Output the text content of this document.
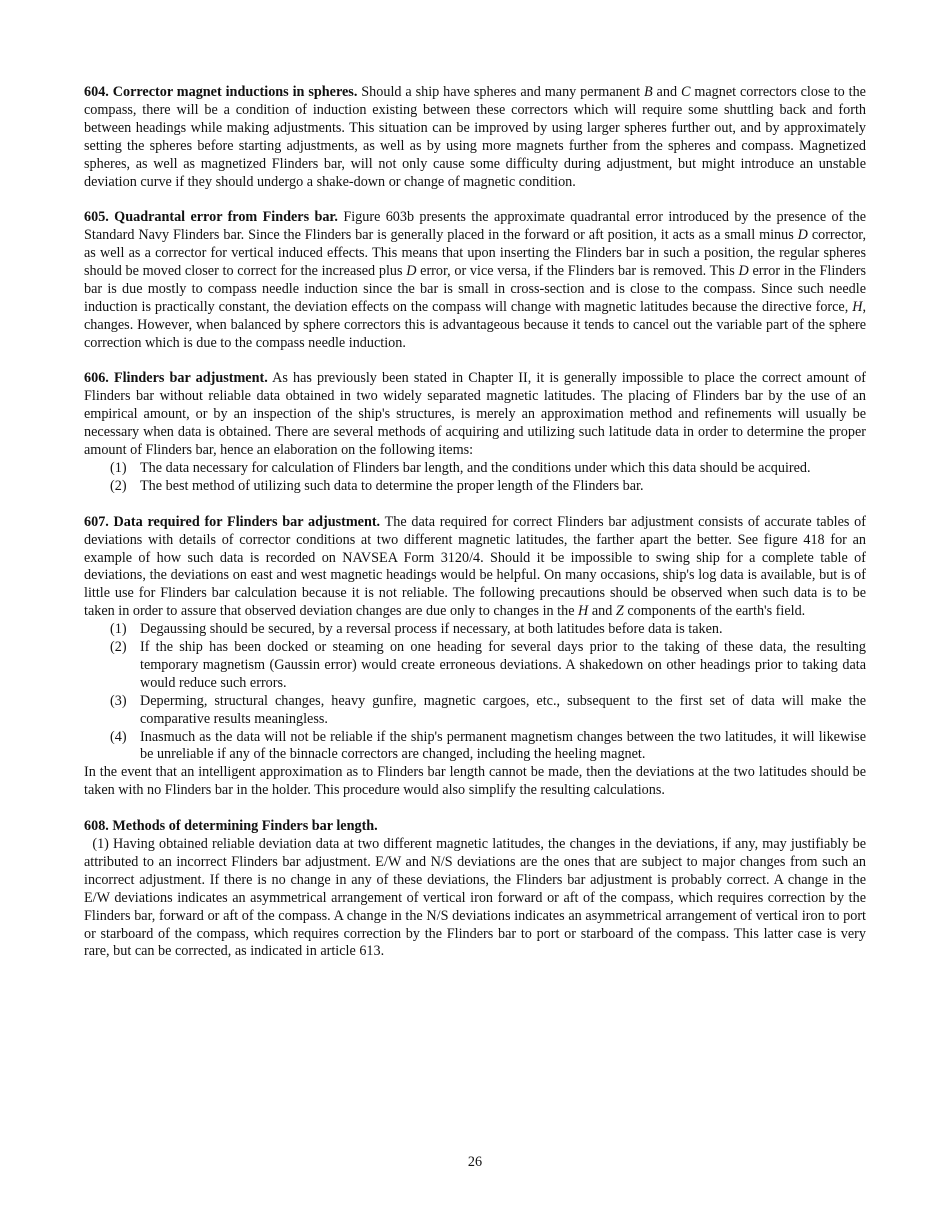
604. Corrector magnet inductions in spheres. Should a ship have spheres and many permanent B and C magnet correctors close to the compass, there will be a condition of induction existing between these correctors which will require some shuttling back and forth between headings while making adjustments. This situation can be improved by using larger spheres further out, and by approximately setting the spheres before starting adjustments, as well as by using more magnets further from the spheres and compass. Magnetized spheres, as well as magnetized Flinders bar, will not only cause some difficulty during adjustment, but might introduce an unstable deviation curve if they should undergo a shake-down or change of magnetic condition.

605. Quadrantal error from Finders bar. Figure 603b presents the approximate quadrantal error introduced by the presence of the Standard Navy Flinders bar. Since the Flinders bar is generally placed in the forward or aft position, it acts as a small minus D corrector, as well as a corrector for vertical induced effects. This means that upon inserting the Flinders bar in such a position, the regular spheres should be moved closer to correct for the increased plus D error, or vice versa, if the Flinders bar is removed. This D error in the Flinders bar is due mostly to compass needle induction since the bar is small in cross-section and is close to the compass. Since such needle induction is practically constant, the deviation effects on the compass will change with magnetic latitudes because the directive force, H, changes. However, when balanced by sphere correctors this is advantageous because it tends to cancel out the variable part of the sphere correction which is due to the compass needle induction.

606. Flinders bar adjustment. As has previously been stated in Chapter II, it is generally impossible to place the correct amount of Flinders bar without reliable data obtained in two widely separated magnetic latitudes. The placing of Flinders bar by the use of an empirical amount, or by an inspection of the ship's structures, is merely an approximation method and refinements will usually be necessary when data is obtained. There are several methods of acquiring and utilizing such latitude data in order to determine the proper amount of Flinders bar, hence an elaboration on the following items:

(1) The data necessary for calculation of Flinders bar length, and the conditions under which this data should be acquired.
(2) The best method of utilizing such data to determine the proper length of the Flinders bar.

607. Data required for Flinders bar adjustment. The data required for correct Flinders bar adjustment consists of accurate tables of deviations with details of corrector conditions at two different magnetic latitudes, the farther apart the better. See figure 418 for an example of how such data is recorded on NAVSEA Form 3120/4. Should it be impossible to swing ship for a complete table of deviations, the deviations on east and west magnetic headings would be helpful. On many occasions, ship's log data is available, but is of little use for Flinders bar calculation because it is not reliable. The following precautions should be observed when such data is to be taken in order to assure that observed deviation changes are due only to changes in the H and Z components of the earth's field.

(1) Degaussing should be secured, by a reversal process if necessary, at both latitudes before data is taken.
(2) If the ship has been docked or steaming on one heading for several days prior to the taking of these data, the resulting temporary magnetism (Gaussin error) would create erroneous deviations. A shakedown on other headings prior to taking data would reduce such errors.
(3) Deperming, structural changes, heavy gunfire, magnetic cargoes, etc., subsequent to the first set of data will make the comparative results meaningless.
(4) Inasmuch as the data will not be reliable if the ship's permanent magnetism changes between the two latitudes, it will likewise be unreliable if any of the binnacle correctors are changed, including the heeling magnet.

In the event that an intelligent approximation as to Flinders bar length cannot be made, then the deviations at the two latitudes should be taken with no Flinders bar in the holder. This procedure would also simplify the resulting calculations.

608. Methods of determining Finders bar length.

(1) Having obtained reliable deviation data at two different magnetic latitudes, the changes in the deviations, if any, may justifiably be attributed to an incorrect Flinders bar adjustment. E/W and N/S deviations are the ones that are subject to major changes from such an incorrect adjustment. If there is no change in any of these deviations, the Flinders bar adjustment is probably correct. A change in the E/W deviations indicates an asymmetrical arrangement of vertical iron forward or aft of the compass, which requires correction by the Flinders bar, forward or aft of the compass. A change in the N/S deviations indicates an asymmetrical arrangement of vertical iron to port or starboard of the compass, which requires correction by the Flinders bar to port or starboard of the compass. This latter case is very rare, but can be corrected, as indicated in article 613.

26
